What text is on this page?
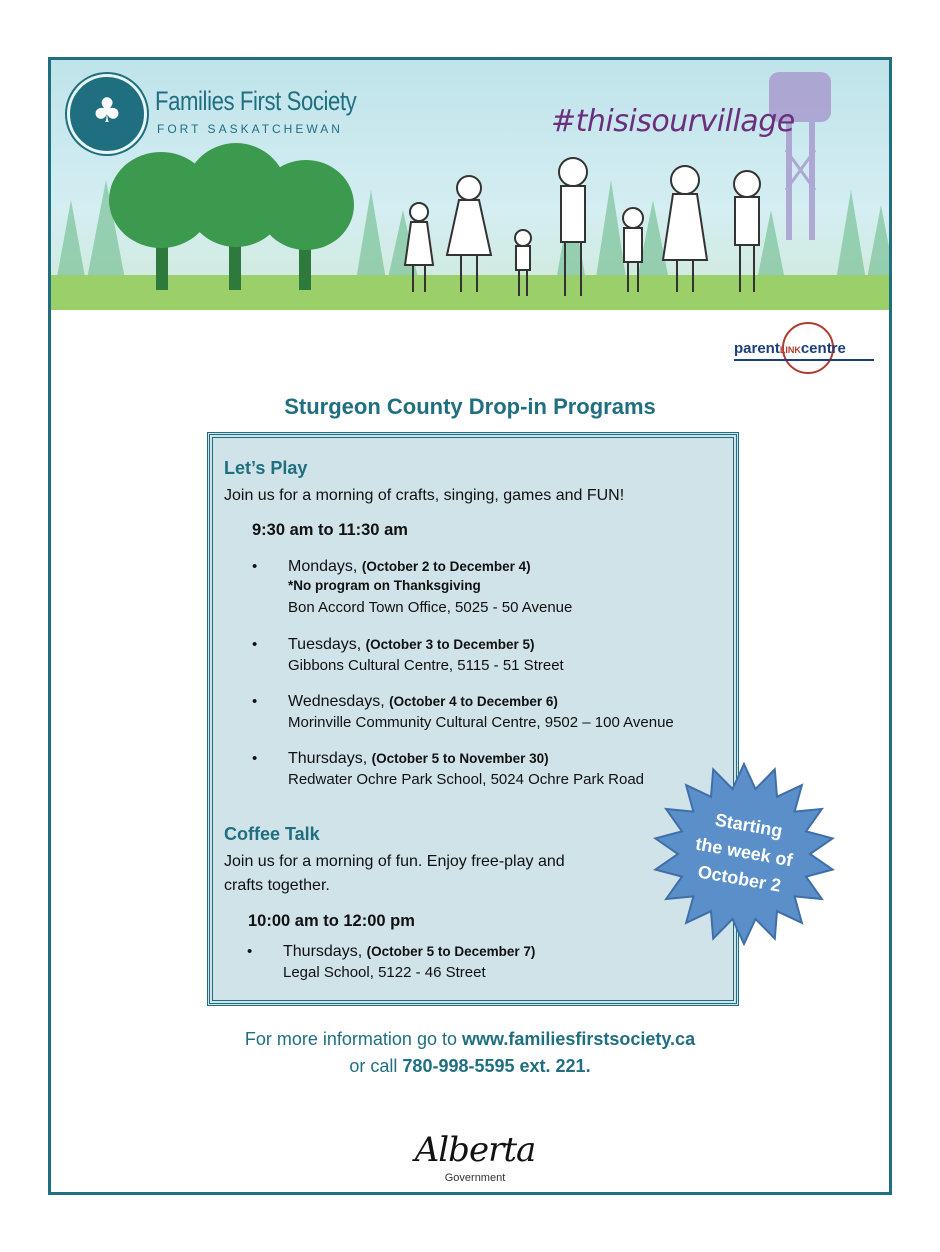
♣	Families First Society
FORT SASKATCHEWAN	#thisisourvillage
parentLINKcentre
Sturgeon County Drop-in Programs
Let’s Play
Join us for a morning of crafts, singing, games and FUN!
9:30 am to 11:30 am
• Mondays, (October 2 to December 4)
*No program on Thanksgiving
Bon Accord Town Office, 5025 - 50 Avenue
• Tuesdays, (October 3 to December 5)
Gibbons Cultural Centre, 5115 - 51 Street
• Wednesdays, (October 4 to December 6)
Morinville Community Cultural Centre, 9502 – 100 Avenue
• Thursdays, (October 5 to November 30)
Redwater Ochre Park School, 5024 Ochre Park Road
Coffee Talk
Join us for a morning of fun. Enjoy free-play and
crafts together.
10:00 am to 12:00 pm
• Thursdays, (October 5 to December 7)
Legal School, 5122 - 46 Street
Starting
the week of
October 2
For more information go to www.familiesfirstsociety.ca
or call 780-998-5595 ext. 221.
Alberta
Government
